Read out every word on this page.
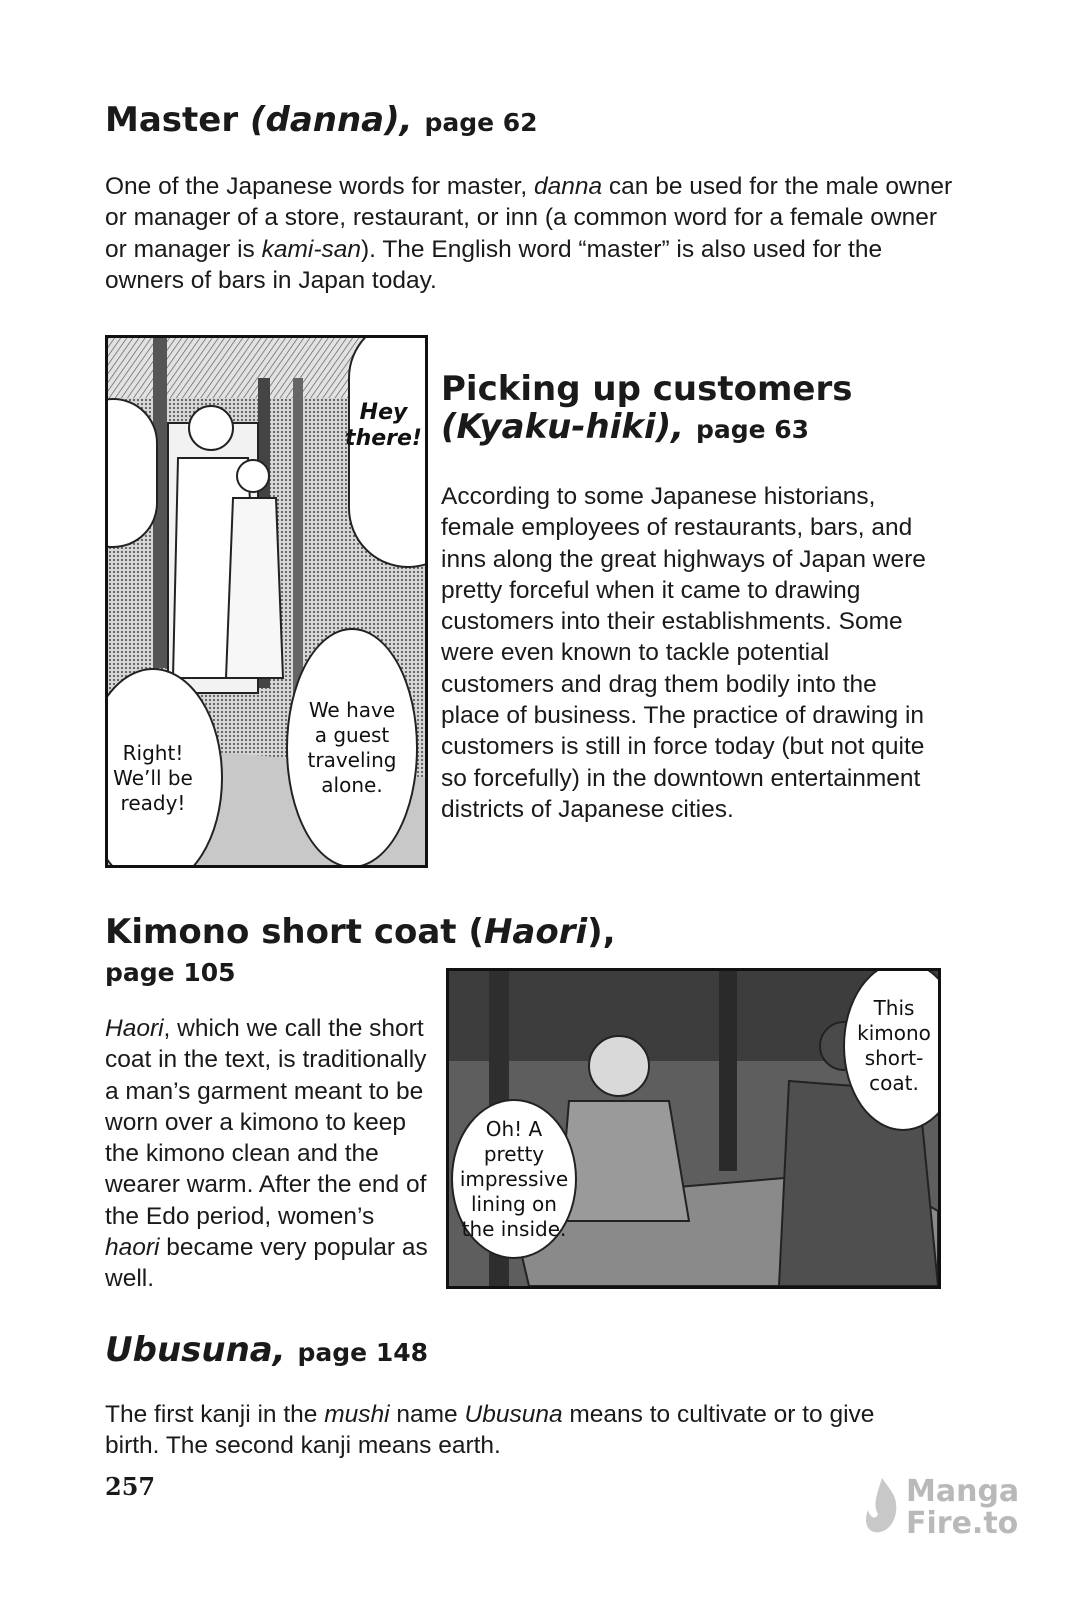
Master (danna), page 62

One of the Japanese words for master, danna can be used for the male owner or manager of a store, restaurant, or inn (a common word for a female owner or manager is kami-san). The English word “master” is also used for the owners of bars in Japan today.

Hey there!
Right!
We’ll be
ready!
We have
a guest
traveling
alone.
Picking up customers
(Kyaku-hiki), page 63

According to some Japanese historians, female employees of restaurants, bars, and inns along the great highways of Japan were pretty forceful when it came to drawing customers into their establishments. Some were even known to tackle potential customers and drag them bodily into the place of business. The practice of drawing in customers is still in force today (but not quite so forcefully) in the downtown entertainment districts of Japanese cities.

Kimono short coat (Haori),
page 105

Haori, which we call the short coat in the text, is traditionally a man’s garment meant to be worn over a kimono to keep the kimono clean and the wearer warm. After the end of the Edo period, women’s haori became very popular as well.

This
kimono
short-
coat.
Oh! A
pretty
impressive
lining on
the inside.
Ubusuna, page 148

The first kanji in the mushi name Ubusuna means to cultivate or to give birth. The second kanji means earth.

257	Manga
Fire.to
